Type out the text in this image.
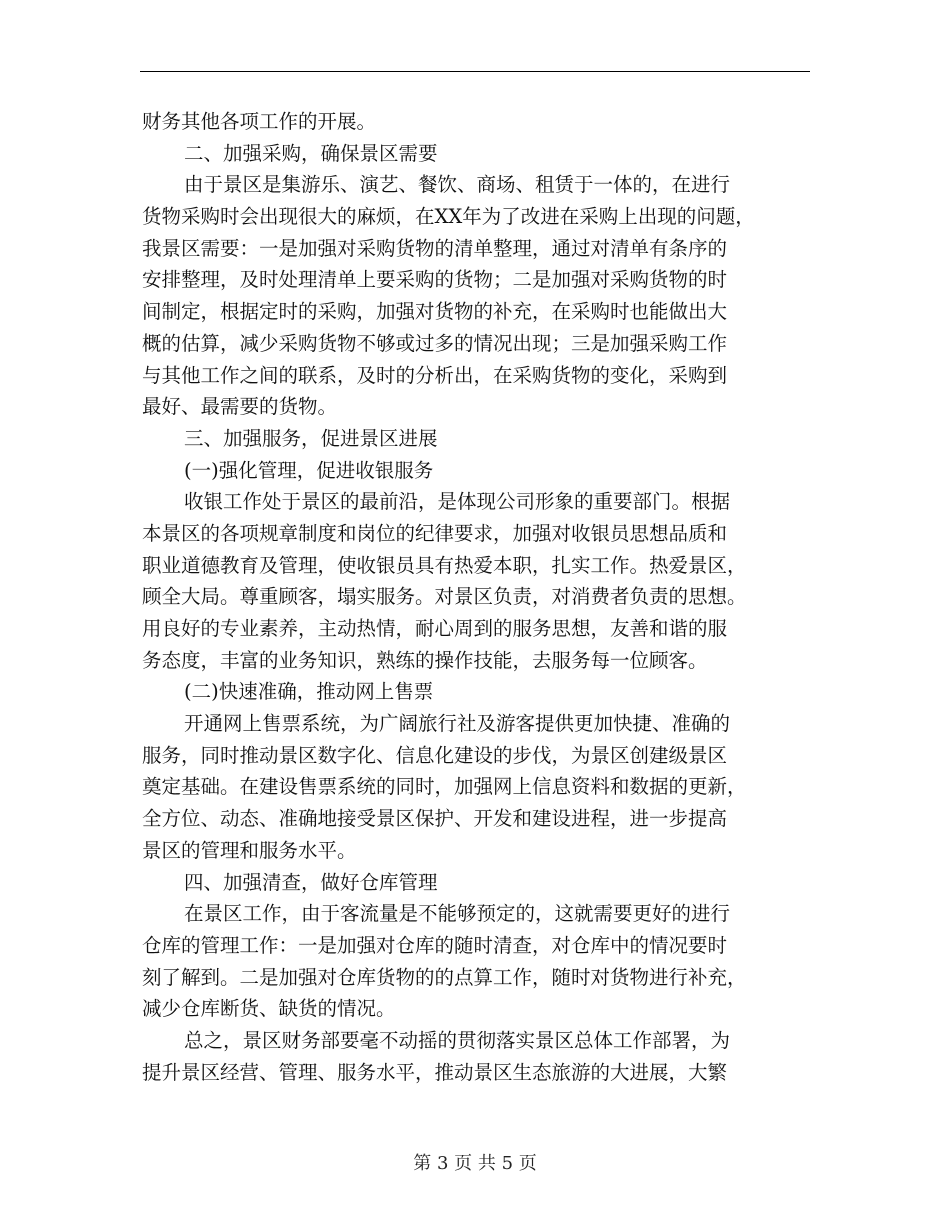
财务其他各项工作的开展。
二、加强采购，确保景区需要
由于景区是集游乐、演艺、餐饮、商场、租赁于一体的，在进行
货物采购时会出现很大的麻烦，在XX年为了改进在采购上出现的问题，
我景区需要：一是加强对采购货物的清单整理，通过对清单有条序的
安排整理，及时处理清单上要采购的货物；二是加强对采购货物的时
间制定，根据定时的采购，加强对货物的补充，在采购时也能做出大
概的估算，减少采购货物不够或过多的情况出现；三是加强采购工作
与其他工作之间的联系，及时的分析出，在采购货物的变化，采购到
最好、最需要的货物。
三、加强服务，促进景区进展
(一)强化管理，促进收银服务
收银工作处于景区的最前沿，是体现公司形象的重要部门。根据
本景区的各项规章制度和岗位的纪律要求，加强对收银员思想品质和
职业道德教育及管理，使收银员具有热爱本职，扎实工作。热爱景区，
顾全大局。尊重顾客，塌实服务。对景区负责，对消费者负责的思想。
用良好的专业素养，主动热情，耐心周到的服务思想，友善和谐的服
务态度，丰富的业务知识，熟练的操作技能，去服务每一位顾客。
(二)快速准确，推动网上售票
开通网上售票系统，为广阔旅行社及游客提供更加快捷、准确的
服务，同时推动景区数字化、信息化建设的步伐，为景区创建级景区
奠定基础。在建设售票系统的同时，加强网上信息资料和数据的更新，
全方位、动态、准确地接受景区保护、开发和建设进程，进一步提高
景区的管理和服务水平。
四、加强清查，做好仓库管理
在景区工作，由于客流量是不能够预定的，这就需要更好的进行
仓库的管理工作：一是加强对仓库的随时清查，对仓库中的情况要时
刻了解到。二是加强对仓库货物的的点算工作，随时对货物进行补充，
减少仓库断货、缺货的情况。
总之，景区财务部要毫不动摇的贯彻落实景区总体工作部署，为
提升景区经营、管理、服务水平，推动景区生态旅游的大进展，大繁
第 3 页 共 5 页
